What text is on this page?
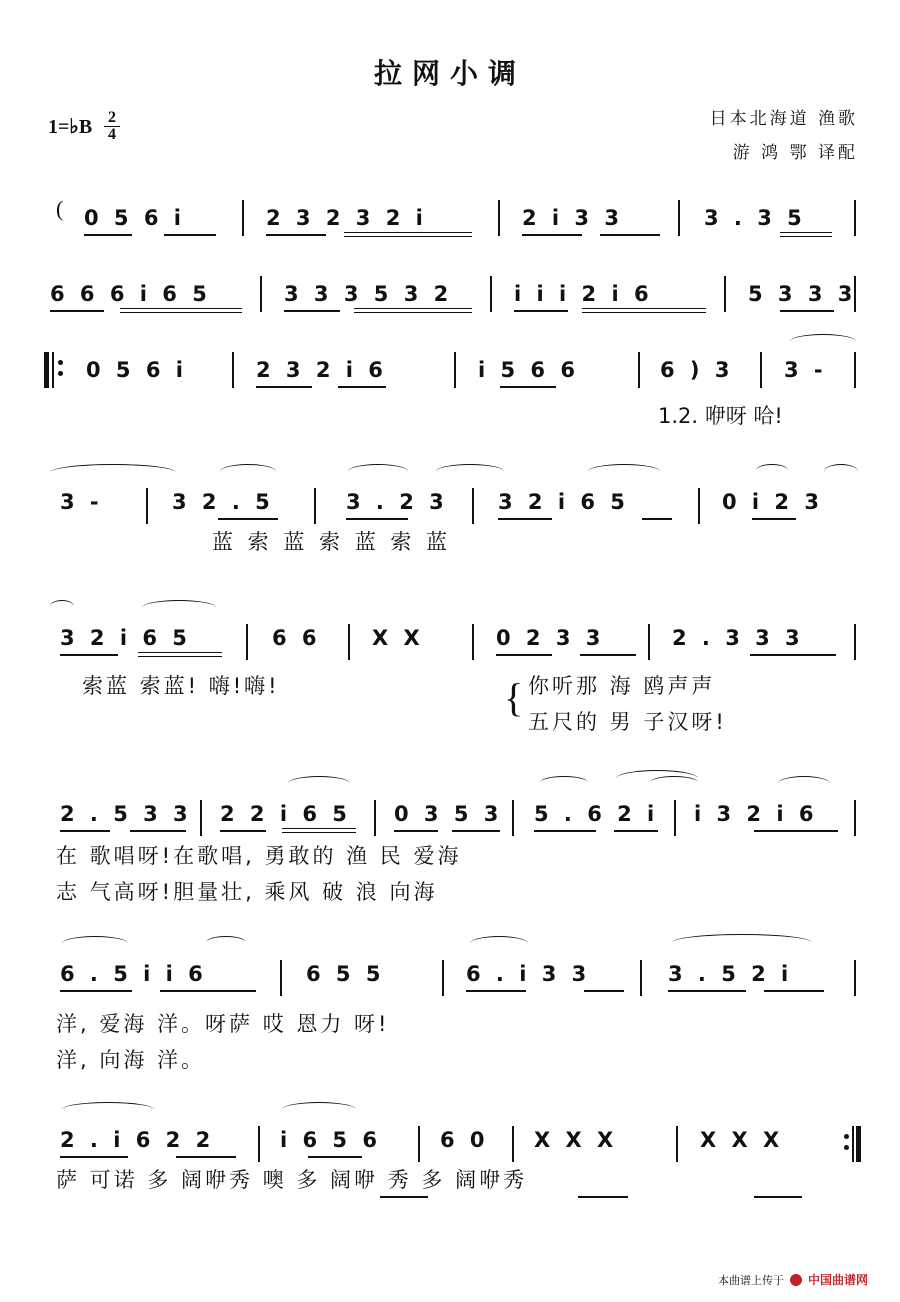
拉网小调
1=♭B $\frac{2}{4}$	日本北海道 渔歌
游 鸿 鄂 译配
( 0 5 6 i	2 3 2 3 2 i	2 i 3 3	3 . 3 5
6 6 6 i 6 5	3 3 3 5 3 2	i i i 2 i 6	5 3 3 3
0 5 6 i	2 3 2 i 6	i 5 6 6	6 ) 3 3 -
1.2. 咿呀 哈!
3 -	3 2 . 5	3 . 2 3 3 2 i 6 5	0 i 2 3
蓝 索 蓝 索 蓝 索 蓝
3 2 i 6 5	6 6 X X	0 2 3 3	2 . 3 3 3
索蓝 索蓝! 嗨!嗨!	{ 你听那 海 鸥声声
五尺的 男 子汉呀!
2 . 5 3 3 2 2 i 6 5 0 3 5 3 5 . 6 2 i i 3 2 i 6
在 歌唱呀!在歌唱, 勇敢的 渔 民 爱海
志 气高呀!胆量壮, 乘风 破 浪 向海
6 . 5 i i 6	6 5 5	6 . i 3 3	3 . 5 2 i
洋, 爱海 洋。呀萨 哎 恩力 呀!
洋, 向海 洋。
2 . i 6 2 2	i 6 5 6	6 0 X X X	X X X
萨 可诺 多 阔咿秀 噢 多 阔咿 秀 多 阔咿秀
本曲谱上传于 中国曲谱网
